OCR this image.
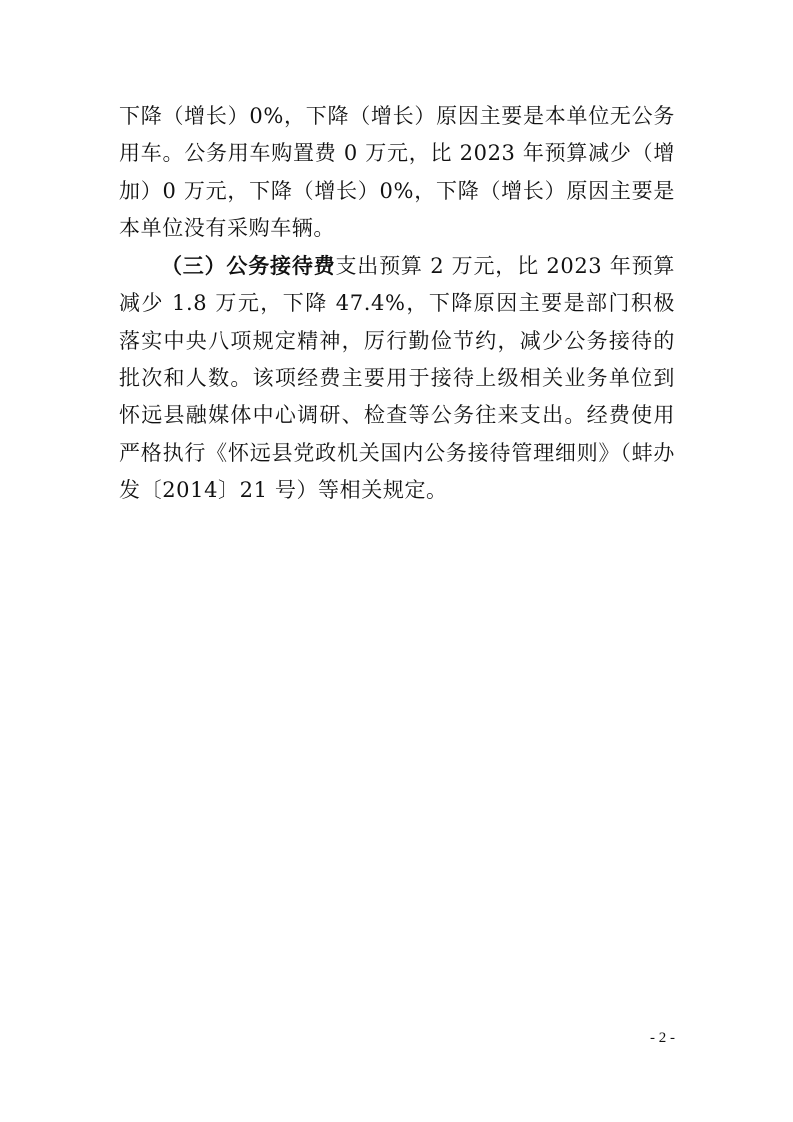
下降（增长）0%，下降（增长）原因主要是本单位无公务用车。公务用车购置费 0 万元，比 2023 年预算减少（增加）0 万元，下降（增长）0%，下降（增长）原因主要是本单位没有采购车辆。

（三）公务接待费支出预算 2 万元，比 2023 年预算减少 1.8 万元，下降 47.4%，下降原因主要是部门积极落实中央八项规定精神，厉行勤俭节约，减少公务接待的批次和人数。该项经费主要用于接待上级相关业务单位到怀远县融媒体中心调研、检查等公务往来支出。经费使用严格执行《怀远县党政机关国内公务接待管理细则》（蚌办发〔2014〕21 号）等相关规定。

- 2 -
